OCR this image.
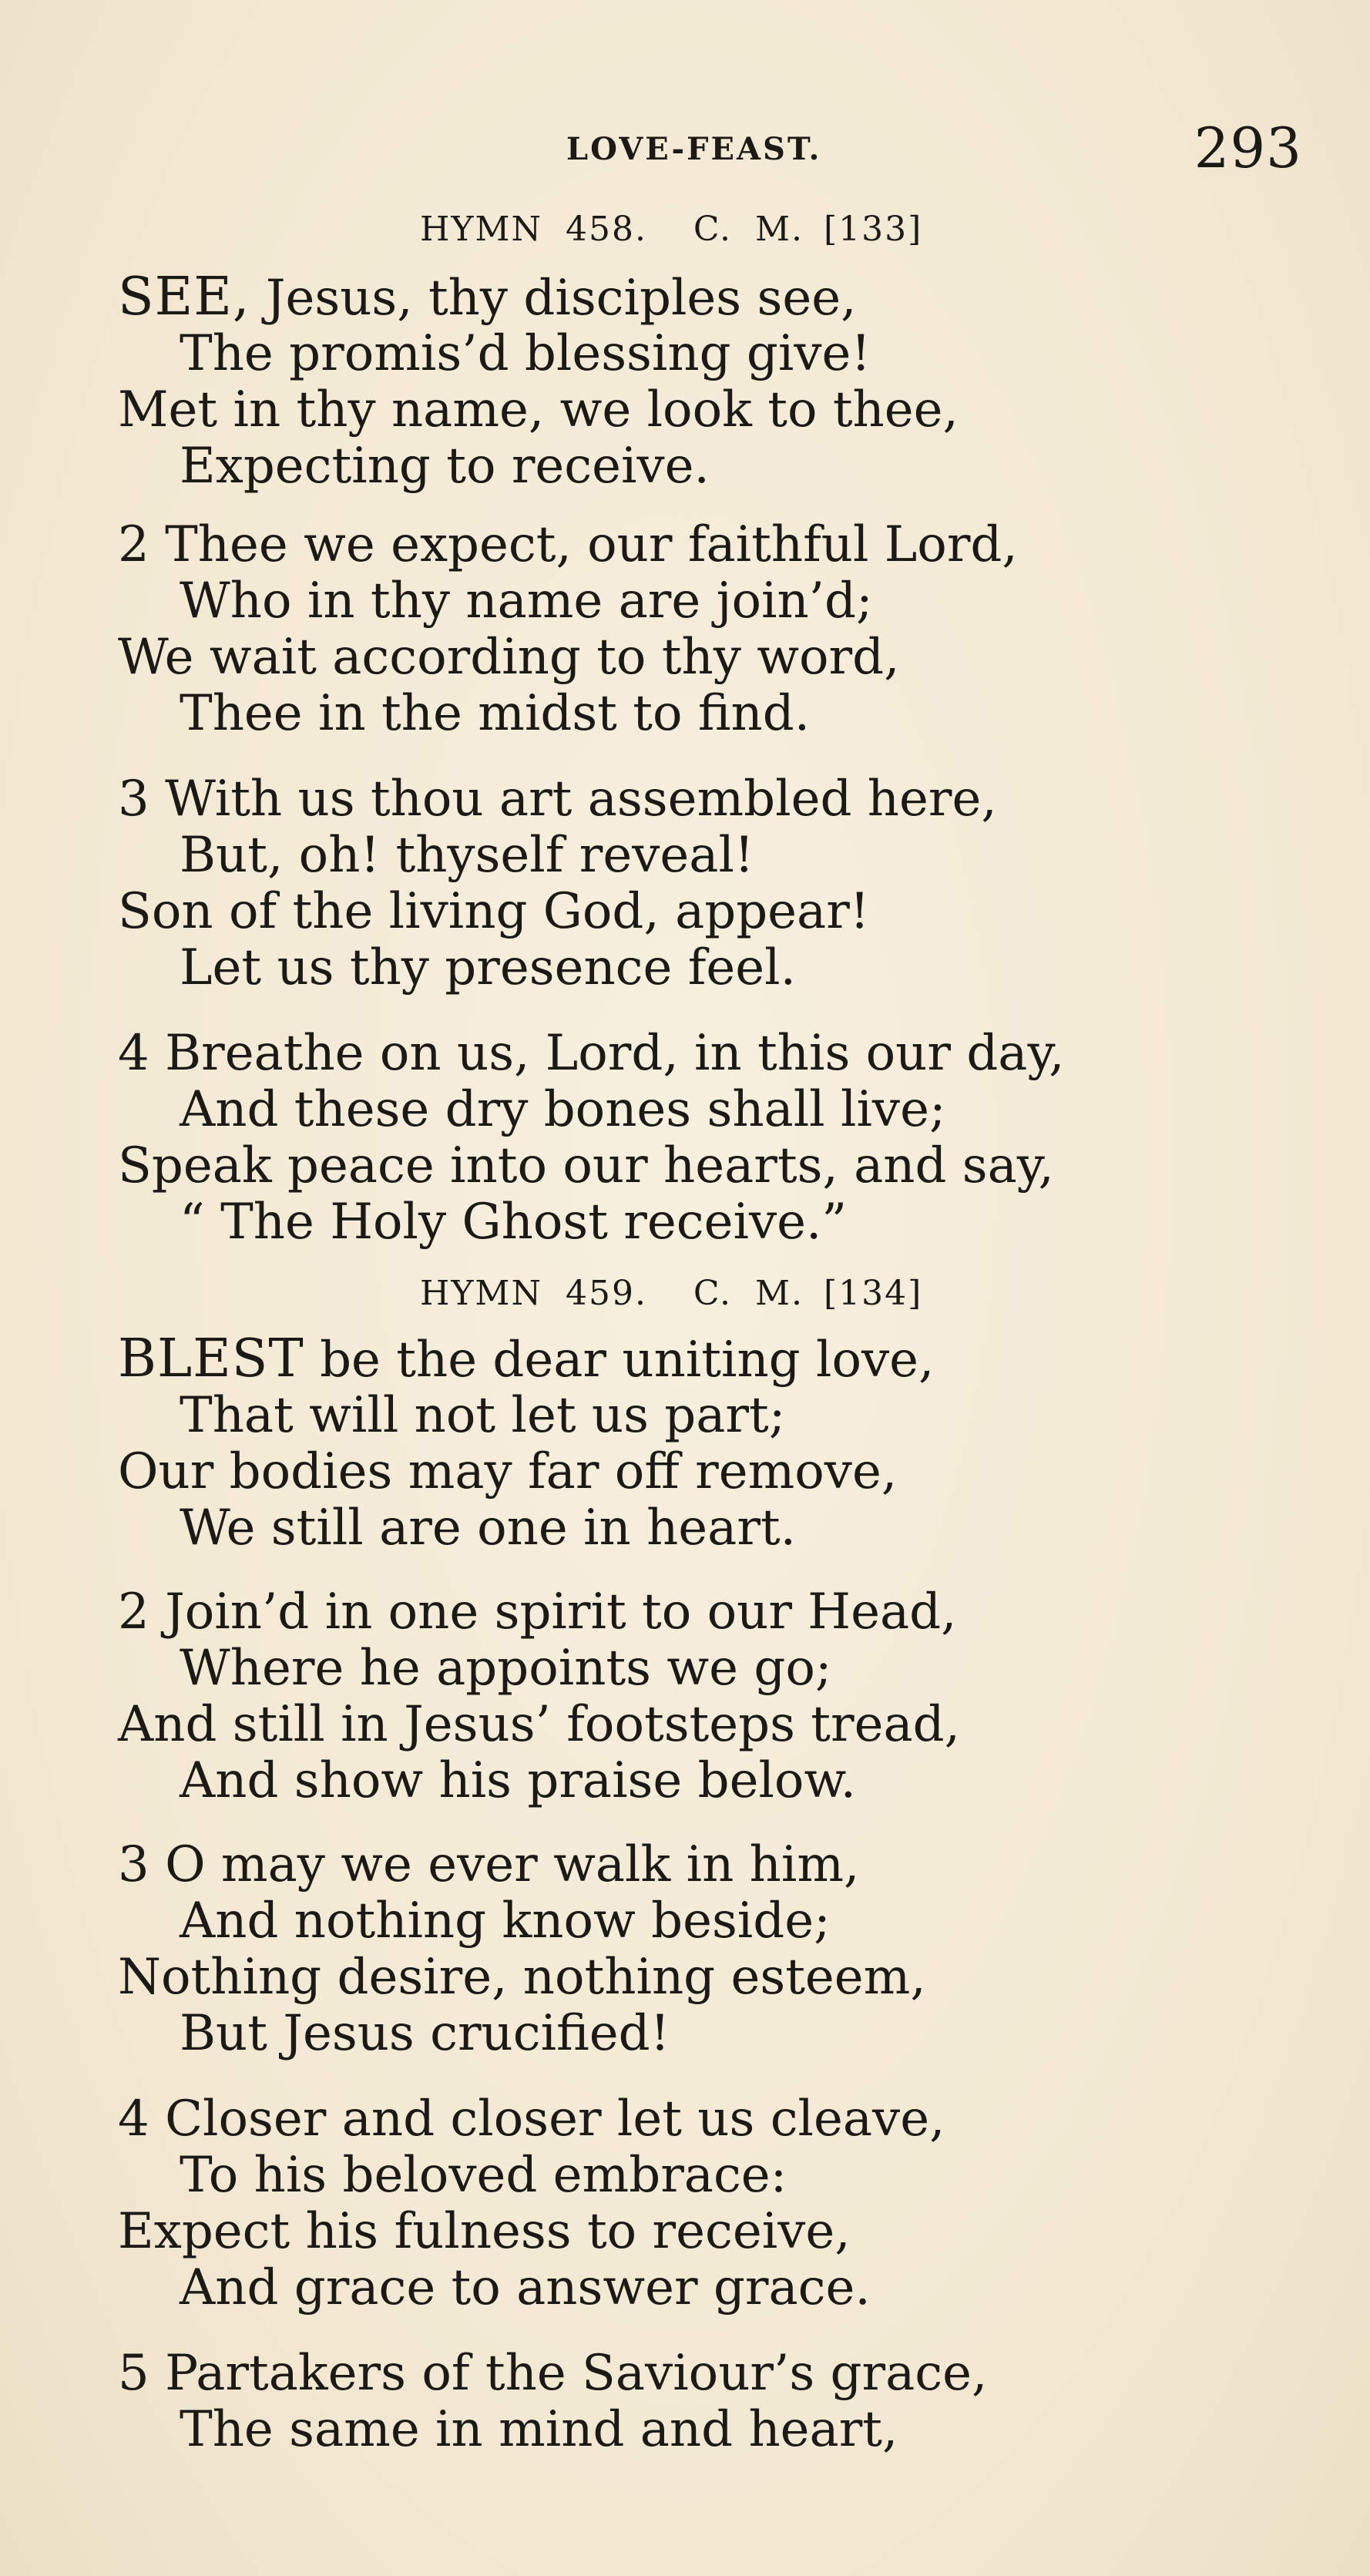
LOVE-FEAST.	293
HYMN 458.  C. M. [133]
SEE, Jesus, thy disciples see,
The promis’d blessing give!
Met in thy name, we look to thee,
Expecting to receive.
2 Thee we expect, our faithful Lord,
Who in thy name are join’d;
We wait according to thy word,
Thee in the midst to find.
3 With us thou art assembled here,
But, oh! thyself reveal!
Son of the living God, appear!
Let us thy presence feel.
4 Breathe on us, Lord, in this our day,
And these dry bones shall live;
Speak peace into our hearts, and say,
“ The Holy Ghost receive.”
HYMN 459.  C. M. [134]
BLEST be the dear uniting love,
That will not let us part;
Our bodies may far off remove,
We still are one in heart.
2 Join’d in one spirit to our Head,
Where he appoints we go;
And still in Jesus’ footsteps tread,
And show his praise below.
3 O may we ever walk in him,
And nothing know beside;
Nothing desire, nothing esteem,
But Jesus crucified!
4 Closer and closer let us cleave,
To his beloved embrace:
Expect his fulness to receive,
And grace to answer grace.
5 Partakers of the Saviour’s grace,
The same in mind and heart,
